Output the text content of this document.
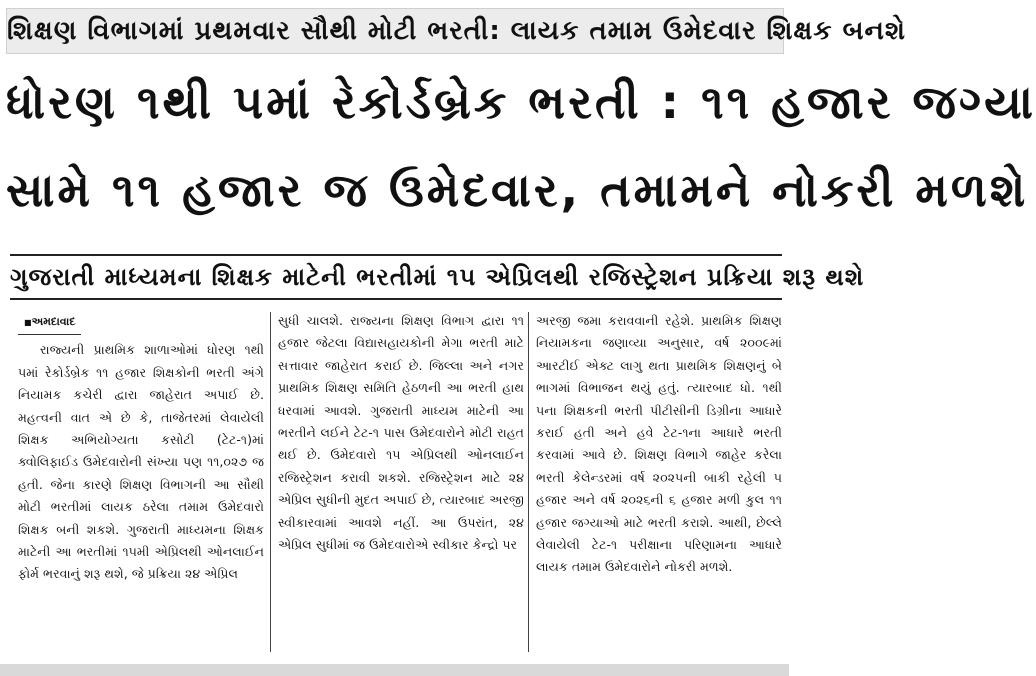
શિક્ષણ વિભાગમાં પ્રથમવાર સૌથી મોટી ભરતી: લાયક તમામ ઉમેદવાર શિક્ષક બનશે
ધોરણ ૧થી ૫માં રેકોર્ડબ્રેક ભરતી : ૧૧ હજાર જગ્યા
સામે ૧૧ હજાર જ ઉમેદવાર, તમામને નોકરી મળશે
ગુજરાતી માધ્યમના શિક્ષક માટેની ભરતીમાં ૧૫ એપ્રિલથી રજિસ્ટ્રેશન પ્રક્રિયા શરૂ થશે
■ અમદાવાદ

રાજ્યની પ્રાથમિક શાળાઓમાં ધોરણ ૧થી ૫માં રેકોર્ડબ્રેક ૧૧ હજાર શિક્ષકોની ભરતી અંગે નિયામક કચેરી દ્વારા જાહેરાત અપાઈ છે. મહત્વની વાત એ છે કે, તાજેતરમાં લેવાયેલી શિક્ષક અભિયોગ્યતા કસોટી (ટેટ-૧)માં ક્વોલિફાઈડ ઉમેદવારોની સંખ્યા પણ ૧૧,૦૨૭ જ હતી. જેના કારણે શિક્ષણ વિભાગની આ સૌથી મોટી ભરતીમાં લાયક ઠરેલા તમામ ઉમેદવારો શિક્ષક બની શકશે. ગુજરાતી માધ્યમના શિક્ષક માટેની આ ભરતીમાં ૧૫મી એપ્રિલથી ઓનલાઈન ફોર્મ ભરવાનું શરૂ થશે, જે પ્રક્રિયા ૨૪ એપ્રિલ

સુધી ચાલશે. રાજ્યના શિક્ષણ વિભાગ દ્વારા ૧૧ હજાર જેટલા વિદ્યાસહાયકોની મેગા ભરતી માટે સત્તાવાર જાહેરાત કરાઈ છે. જિલ્લા અને નગર પ્રાથમિક શિક્ષણ સમિતિ હેઠળની આ ભરતી હાથ ધરવામાં આવશે. ગુજરાતી માધ્યમ માટેની આ ભરતીને લઈને ટેટ-૧ પાસ ઉમેદવારોને મોટી રાહત થઈ છે. ઉમેદવારો ૧૫ એપ્રિલથી ઓનલાઈન રજિસ્ટ્રેશન કરાવી શકશે. રજિસ્ટ્રેશન માટે ૨૪ એપ્રિલ સુધીની મુદત અપાઈ છે, ત્યારબાદ અરજી સ્વીકારવામાં આવશે નહીં. આ ઉપરાંત, ૨૪ એપ્રિલ સુધીમાં જ ઉમેદવારોએ સ્વીકાર કેન્દ્રો પર

અરજી જમા કરાવવાની રહેશે. પ્રાથમિક શિક્ષણ નિયામકના જણાવ્યા અનુસાર, વર્ષ ૨૦૦૯માં આરટીઈ એક્ટ લાગુ થતા પ્રાથમિક શિક્ષણનું બે ભાગમાં વિભાજન થયું હતું. ત્યારબાદ ધો. ૧થી ૫ના શિક્ષકની ભરતી પીટીસીની ડિગ્રીના આધારે કરાઈ હતી અને હવે ટેટ-૧ના આધારે ભરતી કરવામાં આવે છે. શિક્ષણ વિભાગે જાહેર કરેલા ભરતી કેલેન્ડરમાં વર્ષ ૨૦૨૫ની બાકી રહેલી ૫ હજાર અને વર્ષ ૨૦૨૬ની ૬ હજાર મળી કુલ ૧૧ હજાર જગ્યાઓ માટે ભરતી કરાશે. આથી, છેલ્લે લેવાયેલી ટેટ-૧ પરીક્ષાના પરિણામના આધારે લાયક તમામ ઉમેદવારોને નોકરી મળશે.
